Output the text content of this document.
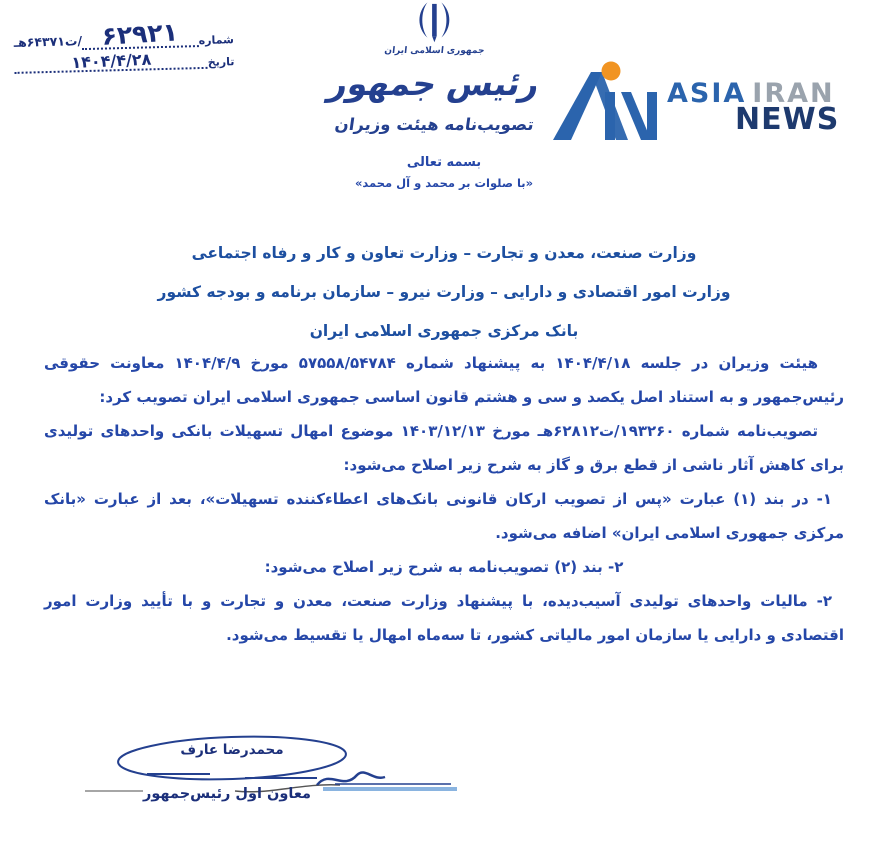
شماره
۶۲۹۲۱
/ت۶۴۳۷۱هـ
تاریخ
۱۴۰۴/۴/۲۸	جمهوری اسلامی ایران
رئیس جمهور
تصویب‌نامه هیئت وزیران
ASIA IRAN
NEWS
بسمه تعالی
«با صلوات بر محمد و آل محمد»
وزارت صنعت، معدن و تجارت – وزارت تعاون و کار و رفاه اجتماعی
وزارت امور اقتصادی و دارایی – وزارت نیرو – سازمان برنامه و بودجه کشور
بانک مرکزی جمهوری اسلامی ایران

هیئت وزیران در جلسه ۱۴۰۴/۴/۱۸ به پیشنهاد شماره ۵۷۵۵۸/۵۴۷۸۴ مورخ ۱۴۰۴/۴/۹ معاونت حقوقی رئیس‌جمهور و به استناد اصل یکصد و سی و هشتم قانون اساسی جمهوری اسلامی ایران تصویب کرد:

تصویب‌نامه شماره ۱۹۳۲۶۰/ت۶۲۸۱۲هـ مورخ ۱۴۰۳/۱۲/۱۳ موضوع امهال تسهیلات بانکی واحدهای تولیدی برای کاهش آثار ناشی از قطع برق و گاز به شرح زیر اصلاح می‌شود:

۱- در بند (۱) عبارت «پس از تصویب ارکان قانونی بانک‌های اعطاءکننده تسهیلات»، بعد از عبارت «بانک مرکزی جمهوری اسلامی ایران» اضافه می‌شود.

۲- بند (۲) تصویب‌نامه به شرح زیر اصلاح می‌شود:

۲- مالیات واحدهای تولیدی آسیب‌دیده، با پیشنهاد وزارت صنعت، معدن و تجارت و با تأیید وزارت امور اقتصادی و دارایی یا سازمان امور مالیاتی کشور، تا سه‌ماه امهال یا تقسیط می‌شود.

محمدرضا عارف
معاون اول رئیس‌جمهور
